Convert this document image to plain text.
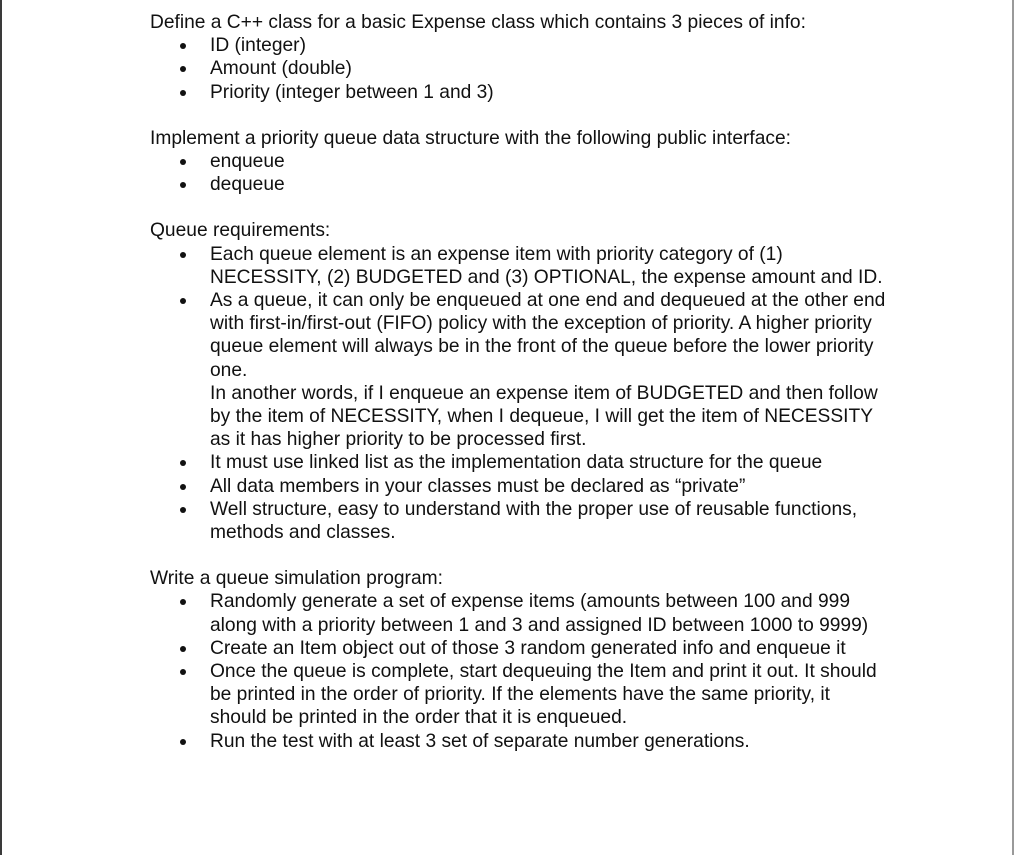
Define a C++ class for a basic Expense class which contains 3 pieces of info:

ID (integer)
Amount (double)
Priority (integer between 1 and 3)

Implement a priority queue data structure with the following public interface:

enqueue
dequeue

Queue requirements:

Each queue element is an expense item with priority category of (1) NECESSITY, (2) BUDGETED and (3) OPTIONAL, the expense amount and ID.
As a queue, it can only be enqueued at one end and dequeued at the other end with first-in/first-out (FIFO) policy with the exception of priority. A higher priority queue element will always be in the front of the queue before the lower priority one.
In another words, if I enqueue an expense item of BUDGETED and then follow by the item of NECESSITY, when I dequeue, I will get the item of NECESSITY as it has higher priority to be processed first.
It must use linked list as the implementation data structure for the queue
All data members in your classes must be declared as “private”
Well structure, easy to understand with the proper use of reusable functions, methods and classes.

Write a queue simulation program:

Randomly generate a set of expense items (amounts between 100 and 999 along with a priority between 1 and 3 and assigned ID between 1000 to 9999)
Create an Item object out of those 3 random generated info and enqueue it
Once the queue is complete, start dequeuing the Item and print it out. It should be printed in the order of priority. If the elements have the same priority, it should be printed in the order that it is enqueued.
Run the test with at least 3 set of separate number generations.
